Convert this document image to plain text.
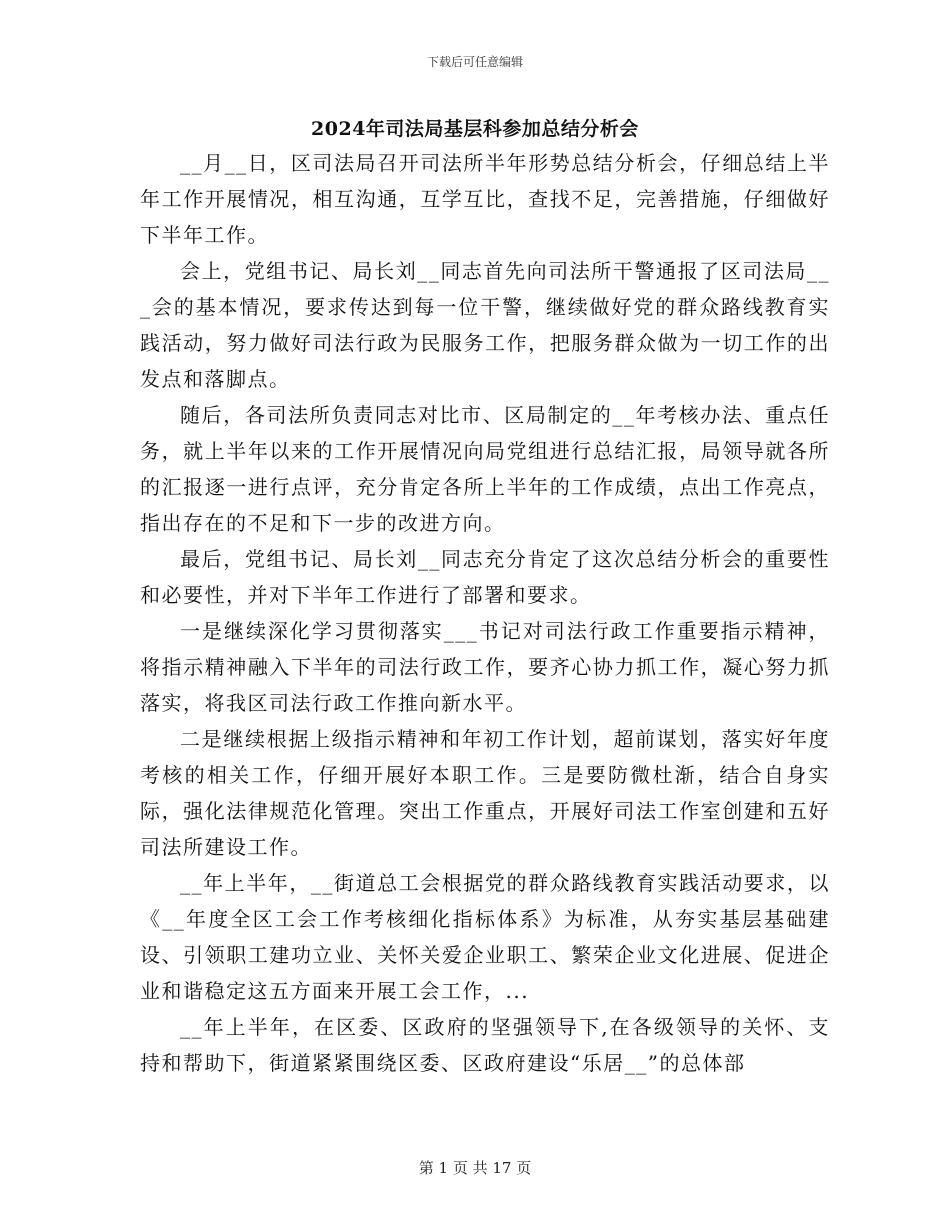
下载后可任意编辑
2024年司法局基层科参加总结分析会

__月__日，区司法局召开司法所半年形势总结分析会，仔细总结上半年工作开展情况，相互沟通，互学互比，查找不足，完善措施，仔细做好下半年工作。

会上，党组书记、局长刘__同志首先向司法所干警通报了区司法局___会的基本情况，要求传达到每一位干警，继续做好党的群众路线教育实践活动，努力做好司法行政为民服务工作，把服务群众做为一切工作的出发点和落脚点。

随后，各司法所负责同志对比市、区局制定的__年考核办法、重点任务，就上半年以来的工作开展情况向局党组进行总结汇报，局领导就各所的汇报逐一进行点评，充分肯定各所上半年的工作成绩，点出工作亮点，指出存在的不足和下一步的改进方向。

最后，党组书记、局长刘__同志充分肯定了这次总结分析会的重要性和必要性，并对下半年工作进行了部署和要求。

一是继续深化学习贯彻落实___书记对司法行政工作重要指示精神，将指示精神融入下半年的司法行政工作，要齐心协力抓工作，凝心努力抓落实，将我区司法行政工作推向新水平。

二是继续根据上级指示精神和年初工作计划，超前谋划，落实好年度考核的相关工作，仔细开展好本职工作。三是要防微杜渐，结合自身实际，强化法律规范化管理。突出工作重点，开展好司法工作室创建和五好司法所建设工作。

__年上半年，__街道总工会根据党的群众路线教育实践活动要求，以《__年度全区工会工作考核细化指标体系》为标准，从夯实基层基础建设、引领职工建功立业、关怀关爱企业职工、繁荣企业文化进展、促进企业和谐稳定这五方面来开展工会工作，...

__年上半年，在区委、区政府的坚强领导下,在各级领导的关怀、支持和帮助下，街道紧紧围绕区委、区政府建设“乐居__”的总体部

第 1 页 共 17 页
